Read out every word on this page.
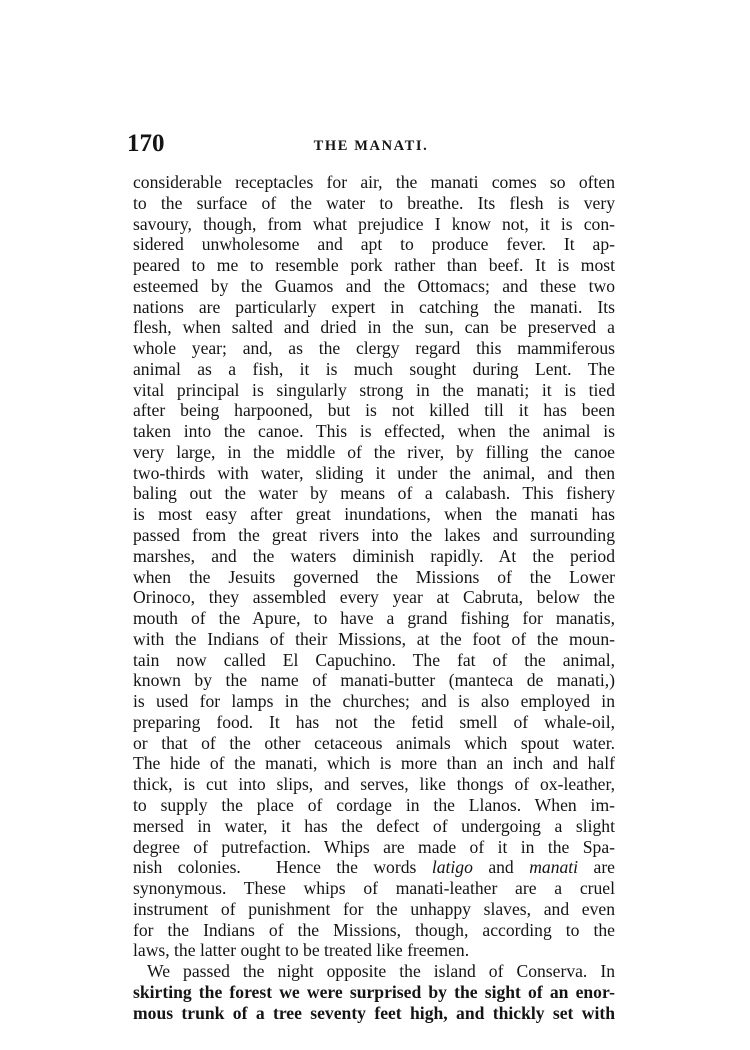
170	THE MANATI.
considerable receptacles for air, the manati comes so often
to the surface of the water to breathe. Its flesh is very
savoury, though, from what prejudice I know not, it is con-
sidered unwholesome and apt to produce fever. It ap-
peared to me to resemble pork rather than beef. It is most
esteemed by the Guamos and the Ottomacs; and these two
nations are particularly expert in catching the manati. Its
flesh, when salted and dried in the sun, can be preserved a
whole year; and, as the clergy regard this mammiferous
animal as a fish, it is much sought during Lent. The
vital principal is singularly strong in the manati; it is tied
after being harpooned, but is not killed till it has been
taken into the canoe. This is effected, when the animal is
very large, in the middle of the river, by filling the canoe
two-thirds with water, sliding it under the animal, and then
baling out the water by means of a calabash. This fishery
is most easy after great inundations, when the manati has
passed from the great rivers into the lakes and surrounding
marshes, and the waters diminish rapidly. At the period
when the Jesuits governed the Missions of the Lower
Orinoco, they assembled every year at Cabruta, below the
mouth of the Apure, to have a grand fishing for manatis,
with the Indians of their Missions, at the foot of the moun-
tain now called El Capuchino. The fat of the animal,
known by the name of manati-butter (manteca de manati,)
is used for lamps in the churches; and is also employed in
preparing food. It has not the fetid smell of whale-oil,
or that of the other cetaceous animals which spout water.
The hide of the manati, which is more than an inch and half
thick, is cut into slips, and serves, like thongs of ox-leather,
to supply the place of cordage in the Llanos. When im-
mersed in water, it has the defect of undergoing a slight
degree of putrefaction. Whips are made of it in the Spa-
nish colonies.   Hence the words latigo and manati are
synonymous. These whips of manati-leather are a cruel
instrument of punishment for the unhappy slaves, and even
for the Indians of the Missions, though, according to the
laws, the latter ought to be treated like freemen.
We passed the night opposite the island of Conserva. In
skirting the forest we were surprised by the sight of an enor-
mous trunk of a tree seventy feet high, and thickly set with
